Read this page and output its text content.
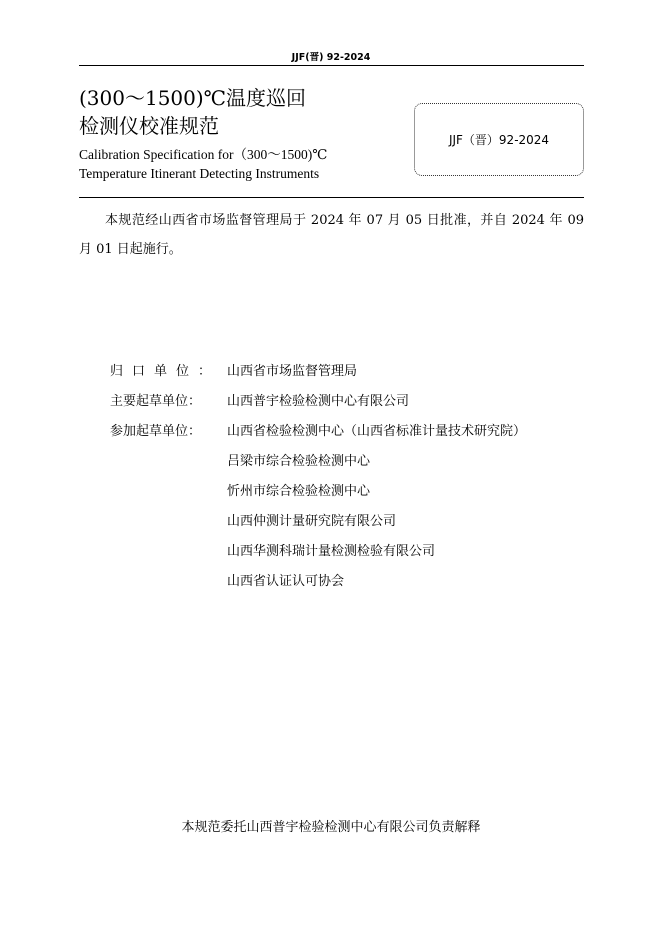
JJF(晋) 92-2024
(300～1500)℃温度巡回
检测仪校准规范
Calibration Specification for（300～1500)℃
Temperature Itinerant Detecting Instruments
JJF（晋）92-2024
本规范经山西省市场监督管理局于 2024 年 07 月 05 日批准，并自 2024 年 09 月 01 日起施行。
归口单位：	山西省市场监督管理局
主要起草单位：	山西普宇检验检测中心有限公司
参加起草单位：	山西省检验检测中心（山西省标准计量技术研究院）
吕梁市综合检验检测中心
忻州市综合检验检测中心
山西仲测计量研究院有限公司
山西华测科瑞计量检测检验有限公司
山西省认证认可协会
本规范委托山西普宇检验检测中心有限公司负责解释
